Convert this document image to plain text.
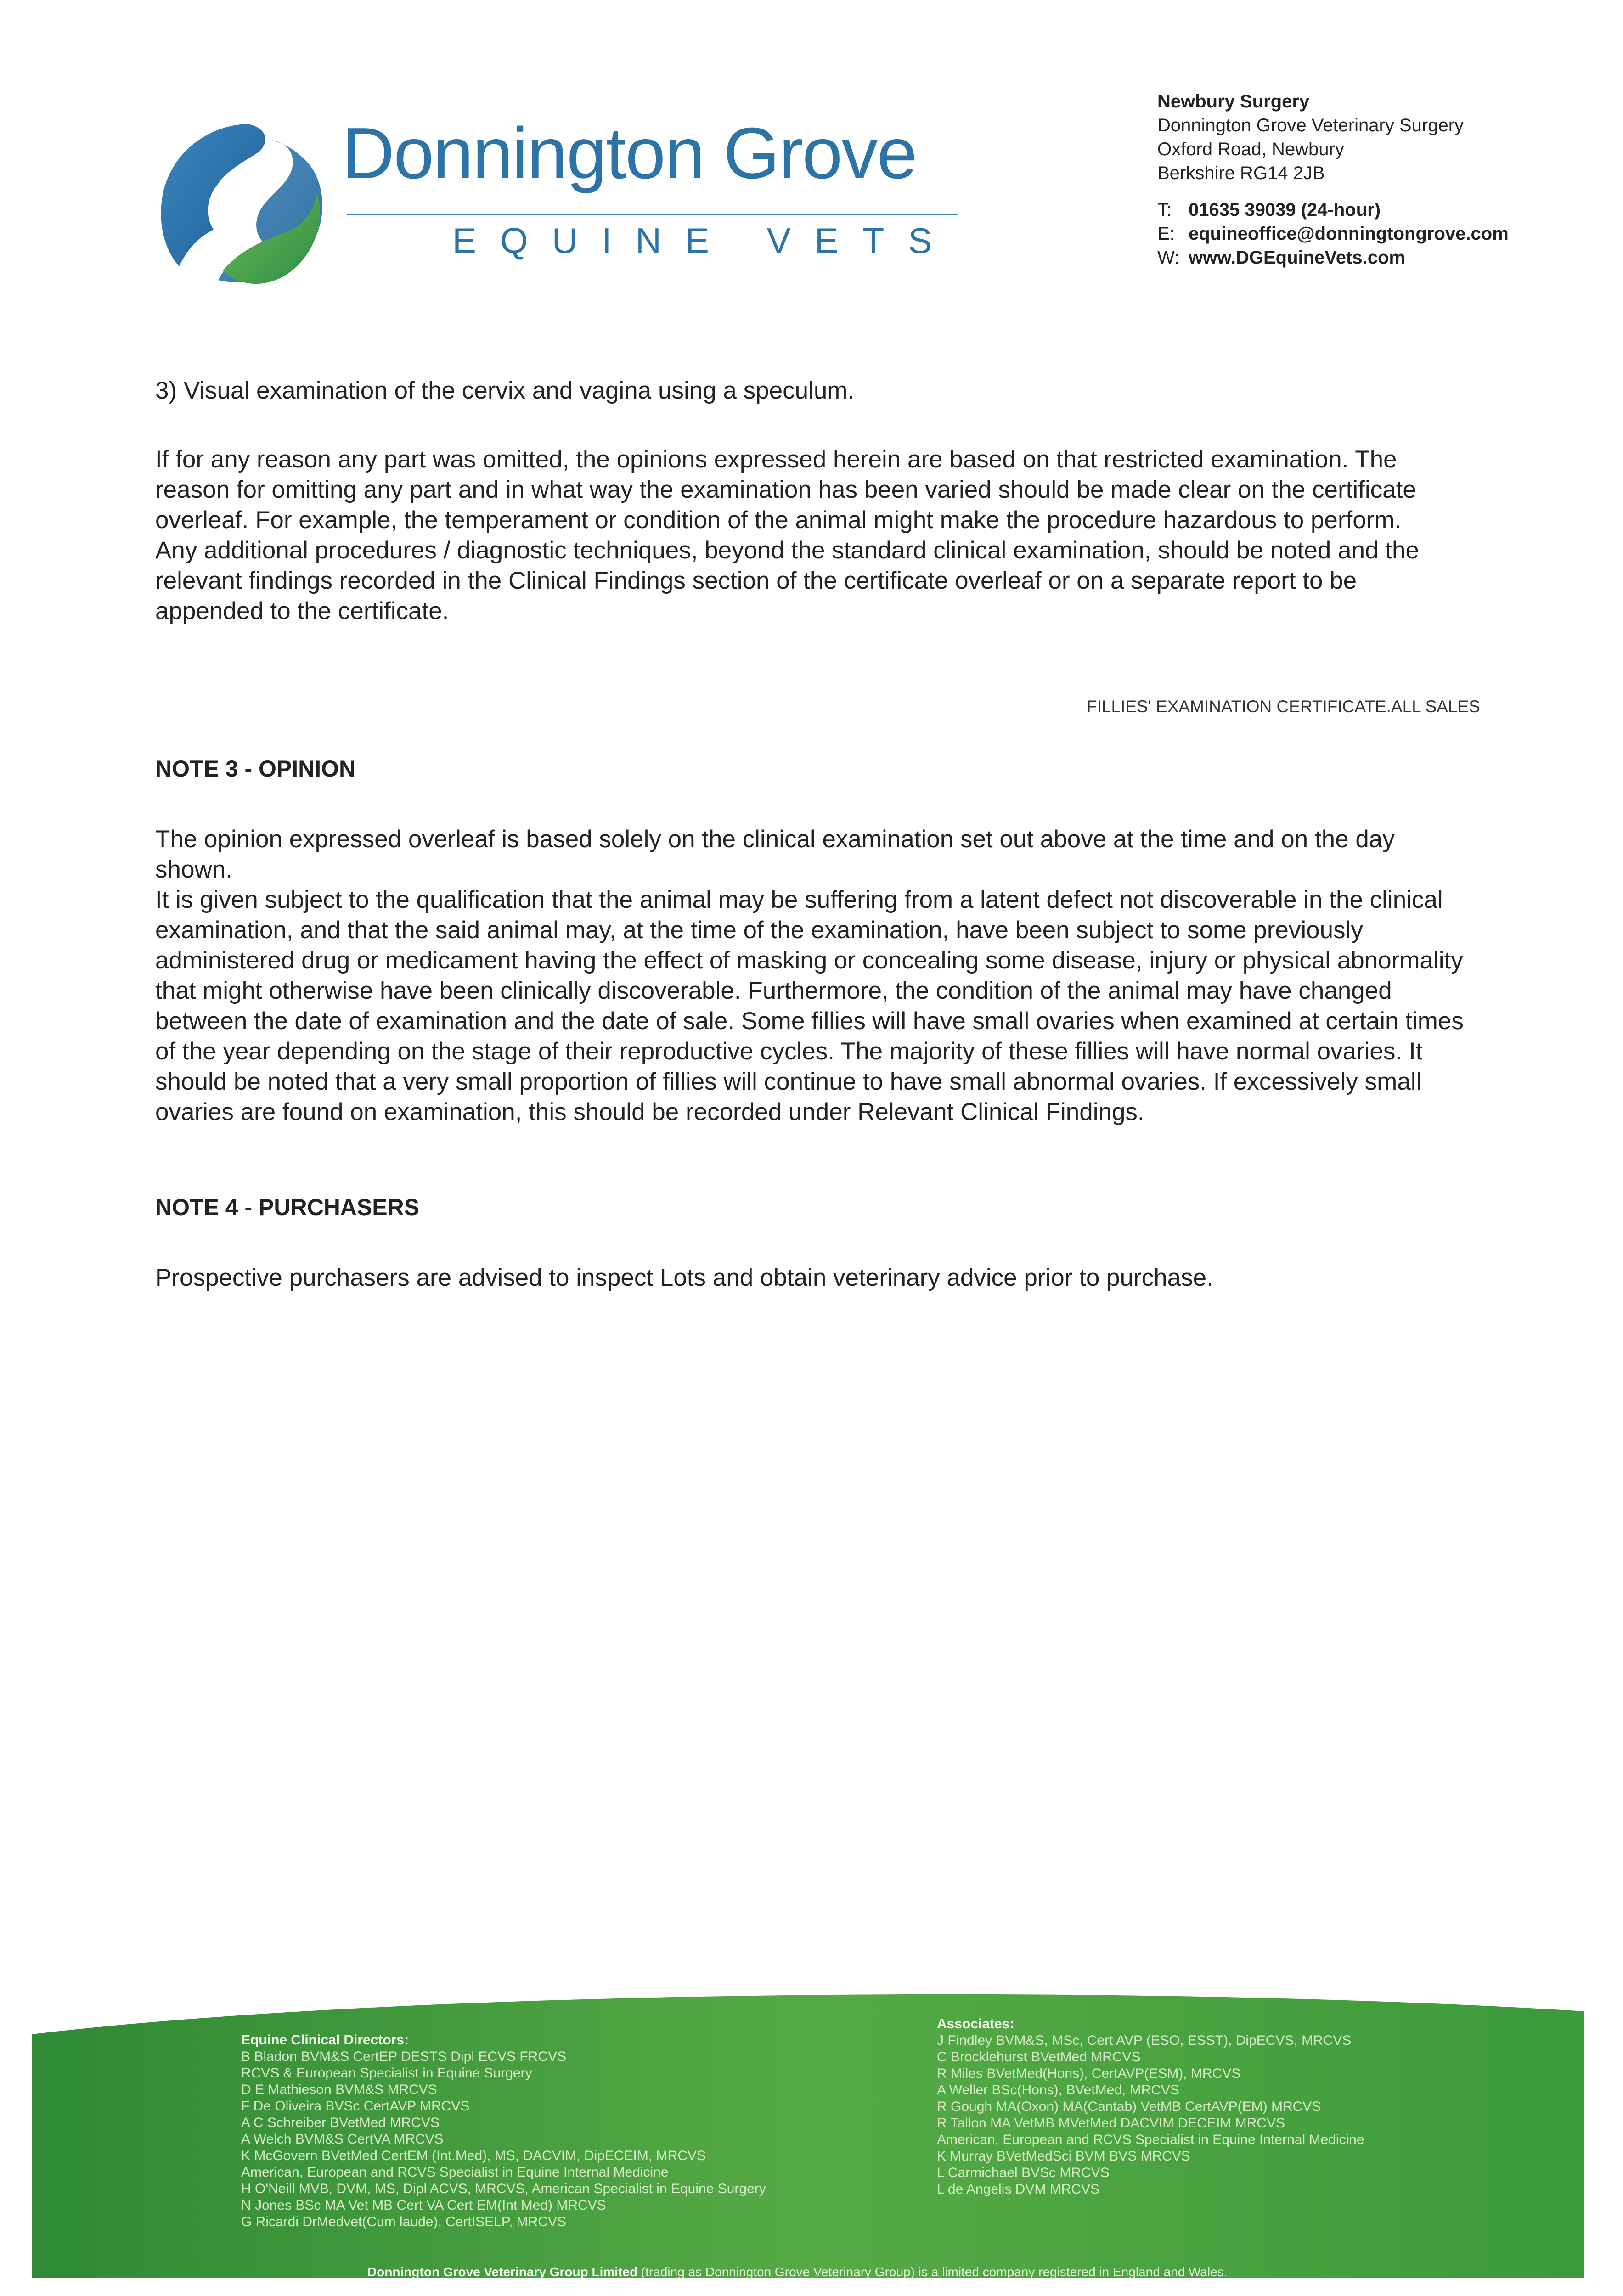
Donnington Grove
EQUINE VETS
Newbury Surgery
Donnington Grove Veterinary Surgery
Oxford Road, Newbury
Berkshire RG14 2JB
T: 01635 39039 (24-hour)
E: equineoffice@donningtongrove.com
W: www.DGEquineVets.com
3) Visual examination of the cervix and vagina using a speculum.

If for any reason any part was omitted, the opinions expressed herein are based on that restricted examination. The reason for omitting any part and in what way the examination has been varied should be made clear on the certificate overleaf. For example, the temperament or condition of the animal might make the procedure hazardous to perform.

Any additional procedures / diagnostic techniques, beyond the standard clinical examination, should be noted and the relevant findings recorded in the Clinical Findings section of the certificate overleaf or on a separate report to be appended to the certificate.

FILLIES' EXAMINATION CERTIFICATE.ALL SALES
NOTE 3 - OPINION

The opinion expressed overleaf is based solely on the clinical examination set out above at the time and on the day shown.

It is given subject to the qualification that the animal may be suffering from a latent defect not discoverable in the clinical examination, and that the said animal may, at the time of the examination, have been subject to some previously administered drug or medicament having the effect of masking or concealing some disease, injury or physical abnormality that might otherwise have been clinically discoverable. Furthermore, the condition of the animal may have changed between the date of examination and the date of sale. Some fillies will have small ovaries when examined at certain times of the year depending on the stage of their reproductive cycles. The majority of these fillies will have normal ovaries. It should be noted that a very small proportion of fillies will continue to have small abnormal ovaries. If excessively small ovaries are found on examination, this should be recorded under Relevant Clinical Findings.

NOTE 4 - PURCHASERS
Prospective purchasers are advised to inspect Lots and obtain veterinary advice prior to purchase.
Equine Clinical Directors:
B Bladon BVM&S CertEP DESTS Dipl ECVS FRCVS
RCVS & European Specialist in Equine Surgery
D E Mathieson BVM&S MRCVS
F De Oliveira BVSc CertAVP MRCVS
A C Schreiber BVetMed MRCVS
A Welch BVM&S CertVA MRCVS
K McGovern BVetMed CertEM (Int.Med), MS, DACVIM, DipECEIM, MRCVS
American, European and RCVS Specialist in Equine Internal Medicine
H O'Neill MVB, DVM, MS, Dipl ACVS, MRCVS, American Specialist in Equine Surgery
N Jones BSc MA Vet MB Cert VA Cert EM(Int Med) MRCVS
G Ricardi DrMedvet(Cum laude), CertISELP, MRCVS
Associates:
J Findley BVM&S, MSc, Cert AVP (ESO, ESST), DipECVS, MRCVS
C Brocklehurst BVetMed MRCVS
R Miles BVetMed(Hons), CertAVP(ESM), MRCVS
A Weller BSc(Hons), BVetMed, MRCVS
R Gough MA(Oxon) MA(Cantab) VetMB CertAVP(EM) MRCVS
R Tallon MA VetMB MVetMed DACVIM DECEIM MRCVS
American, European and RCVS Specialist in Equine Internal Medicine
K Murray BVetMedSci BVM BVS MRCVS
L Carmichael BVSc MRCVS
L de Angelis DVM MRCVS
Donnington Grove Veterinary Group Limited (trading as Donnington Grove Veterinary Group) is a limited company registered in England and Wales.
